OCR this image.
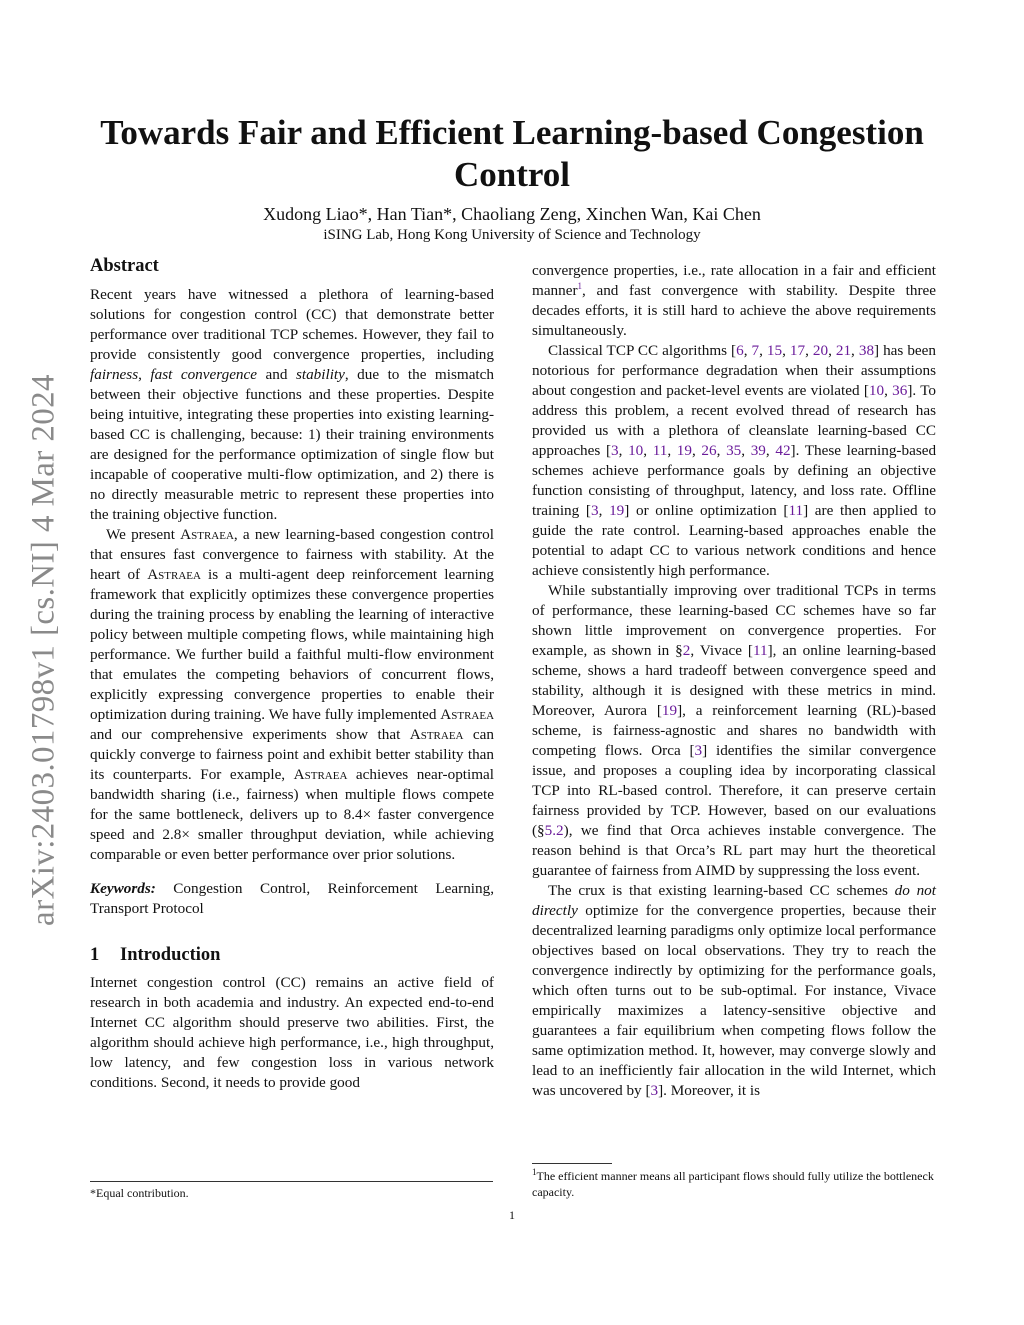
arXiv:2403.01798v1 [cs.NI] 4 Mar 2024
Towards Fair and Efficient Learning-based Congestion Control
Xudong Liao*, Han Tian*, Chaoliang Zeng, Xinchen Wan, Kai Chen
iSING Lab, Hong Kong University of Science and Technology
Abstract

Recent years have witnessed a plethora of learning-based solutions for congestion control (CC) that demonstrate better performance over traditional TCP schemes. However, they fail to provide consistently good convergence properties, including fairness, fast convergence and stability, due to the mismatch between their objective functions and these properties. Despite being intuitive, integrating these properties into existing learning-based CC is challenging, because: 1) their training environments are designed for the performance optimization of single flow but incapable of cooperative multi-flow optimization, and 2) there is no directly measurable metric to represent these properties into the training objective function.

We present Astraea, a new learning-based congestion control that ensures fast convergence to fairness with stability. At the heart of Astraea is a multi-agent deep reinforcement learning framework that explicitly optimizes these convergence properties during the training process by enabling the learning of interactive policy between multiple competing flows, while maintaining high performance. We further build a faithful multi-flow environment that emulates the competing behaviors of concurrent flows, explicitly expressing convergence properties to enable their optimization during training. We have fully implemented Astraea and our comprehensive experiments show that Astraea can quickly converge to fairness point and exhibit better stability than its counterparts. For example, Astraea achieves near-optimal bandwidth sharing (i.e., fairness) when multiple flows compete for the same bottleneck, delivers up to 8.4× faster convergence speed and 2.8× smaller throughput deviation, while achieving comparable or even better performance over prior solutions.

Keywords: Congestion Control, Reinforcement Learning, Transport Protocol

1 Introduction

Internet congestion control (CC) remains an active field of research in both academia and industry. An expected end-to-end Internet CC algorithm should preserve two abilities. First, the algorithm should achieve high performance, i.e., high throughput, low latency, and few congestion loss in various network conditions. Second, it needs to provide good

convergence properties, i.e., rate allocation in a fair and efficient manner$^1$, and fast convergence with stability. Despite three decades efforts, it is still hard to achieve the above requirements simultaneously.

Classical TCP CC algorithms [6, 7, 15, 17, 20, 21, 38] has been notorious for performance degradation when their assumptions about congestion and packet-level events are violated [10, 36]. To address this problem, a recent evolved thread of research has provided us with a plethora of cleanslate learning-based CC approaches [3, 10, 11, 19, 26, 35, 39, 42]. These learning-based schemes achieve performance goals by defining an objective function consisting of throughput, latency, and loss rate. Offline training [3, 19] or online optimization [11] are then applied to guide the rate control. Learning-based approaches enable the potential to adapt CC to various network conditions and hence achieve consistently high performance.

While substantially improving over traditional TCPs in terms of performance, these learning-based CC schemes have so far shown little improvement on convergence properties. For example, as shown in §2, Vivace [11], an online learning-based scheme, shows a hard tradeoff between convergence speed and stability, although it is designed with these metrics in mind. Moreover, Aurora [19], a reinforcement learning (RL)-based scheme, is fairness-agnostic and shares no bandwidth with competing flows. Orca [3] identifies the similar convergence issue, and proposes a coupling idea by incorporating classical TCP into RL-based control. Therefore, it can preserve certain fairness provided by TCP. However, based on our evaluations (§5.2), we find that Orca achieves instable convergence. The reason behind is that Orca’s RL part may hurt the theoretical guarantee of fairness from AIMD by suppressing the loss event.

The crux is that existing learning-based CC schemes do not directly optimize for the convergence properties, because their decentralized learning paradigms only optimize local performance objectives based on local observations. They try to reach the convergence indirectly by optimizing for the performance goals, which often turns out to be sub-optimal. For instance, Vivace empirically maximizes a latency-sensitive objective and guarantees a fair equilibrium when competing flows follow the same optimization method. It, however, may converge slowly and lead to an inefficiently fair allocation in the wild Internet, which was uncovered by [3]. Moreover, it is

*Equal contribution.
$^1$The efficient manner means all participant flows should fully utilize the bottleneck capacity.
1
